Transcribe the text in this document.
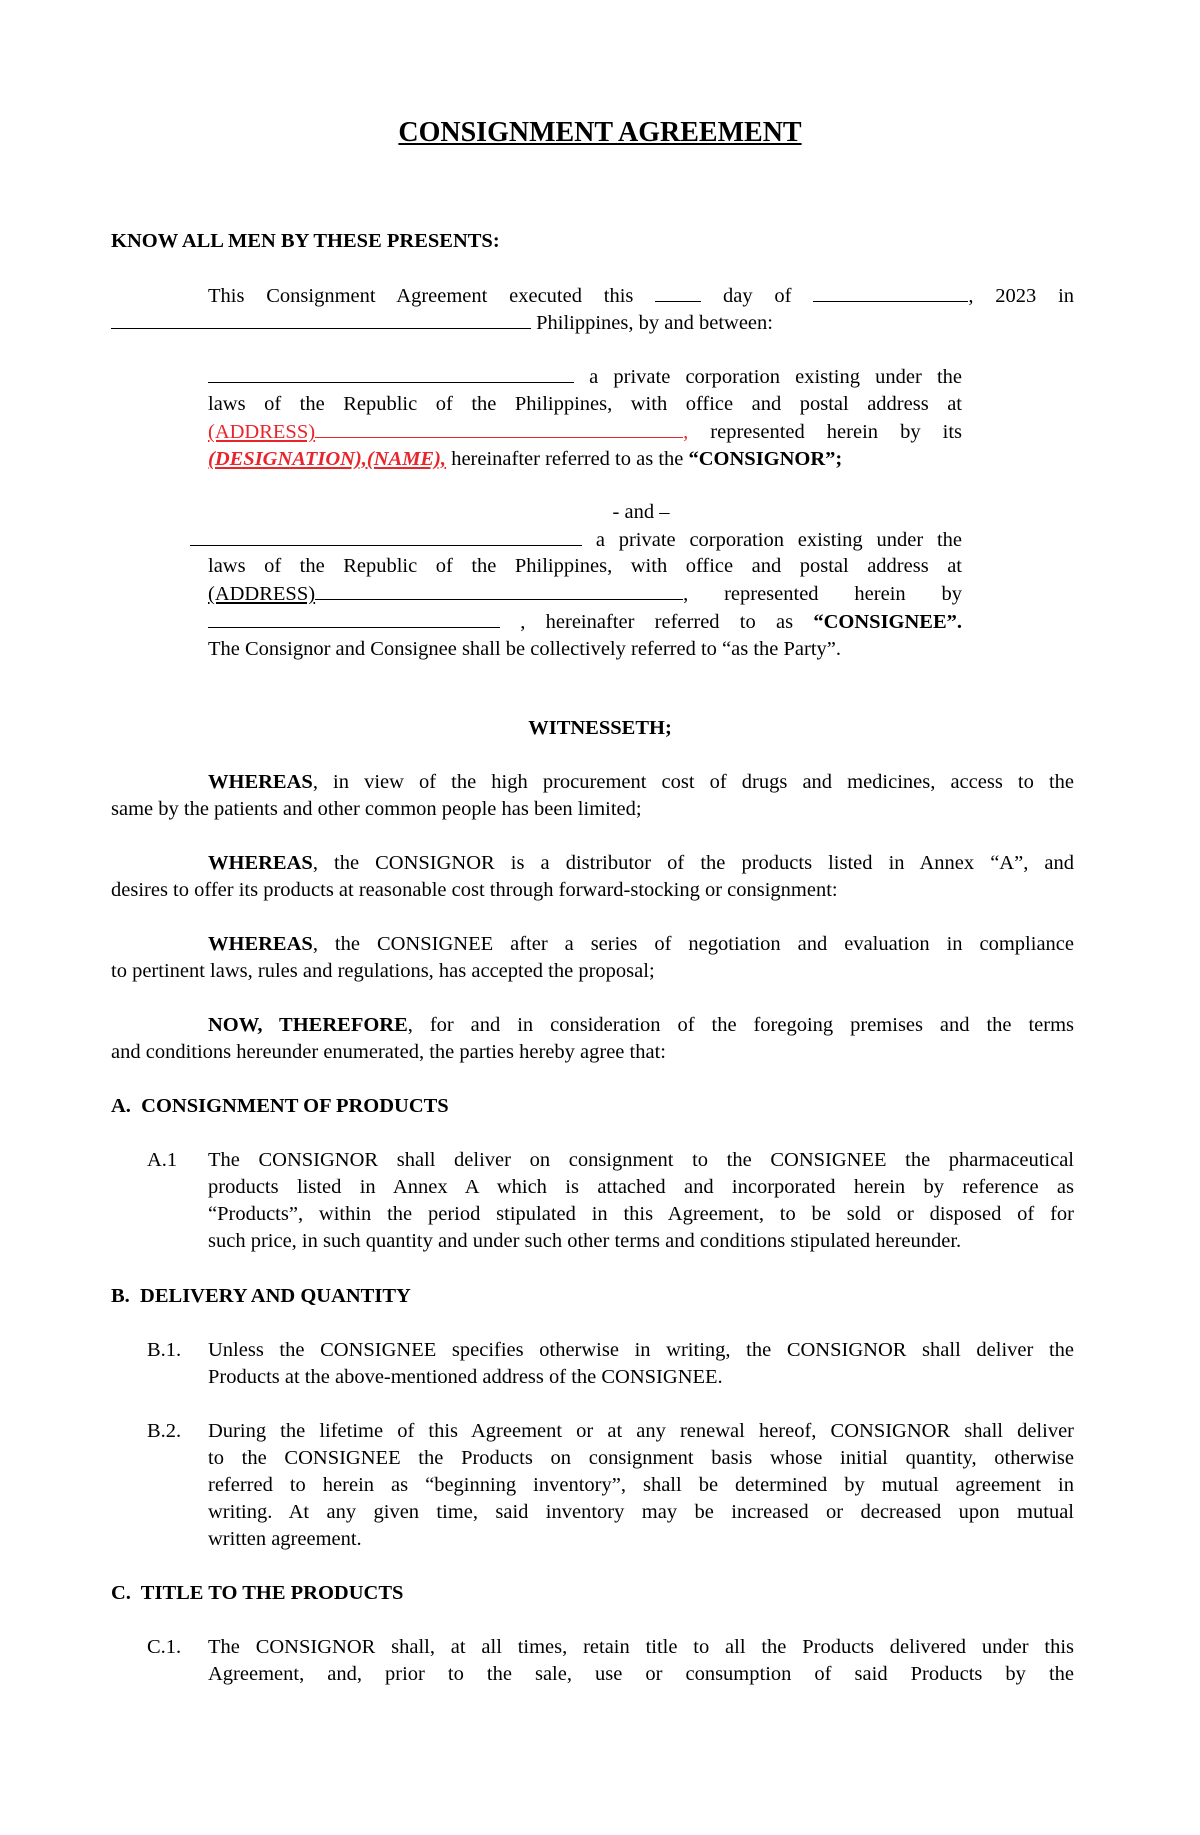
CONSIGNMENT AGREEMENT
KNOW ALL MEN BY THESE PRESENTS:
This Consignment Agreement executed this	day of	, 2023 in
Philippines, by and between:
a private corporation existing under the
laws of the Republic of the Philippines, with office and postal address at
(ADDRESS)	, represented herein by its
(DESIGNATION),(NAME), hereinafter referred to as the “CONSIGNOR”;
- and –
a private corporation existing under the
laws of the Republic of the Philippines, with office and postal address at
(ADDRESS)	, represented herein by
, hereinafter referred to as “CONSIGNEE”.
The Consignor and Consignee shall be collectively referred to “as the Party”.
WITNESSETH;
WHEREAS, in view of the high procurement cost of drugs and medicines, access to the
same by the patients and other common people has been limited;
WHEREAS, the CONSIGNOR is a distributor of the products listed in Annex “A”, and
desires to offer its products at reasonable cost through forward-stocking or consignment:
WHEREAS, the CONSIGNEE after a series of negotiation and evaluation in compliance
to pertinent laws, rules and regulations, has accepted the proposal;
NOW, THEREFORE, for and in consideration of the foregoing premises and the terms
and conditions hereunder enumerated, the parties hereby agree that:
A.  CONSIGNMENT OF PRODUCTS
A.1 The CONSIGNOR shall deliver on consignment to the CONSIGNEE the pharmaceutical
products listed in Annex A which is attached and incorporated herein by reference as
“Products”, within the period stipulated in this Agreement, to be sold or disposed of for
such price, in such quantity and under such other terms and conditions stipulated hereunder.
B.  DELIVERY AND QUANTITY
B.1. Unless the CONSIGNEE specifies otherwise in writing, the CONSIGNOR shall deliver the
Products at the above-mentioned address of the CONSIGNEE.
B.2. During the lifetime of this Agreement or at any renewal hereof, CONSIGNOR shall deliver
to the CONSIGNEE the Products on consignment basis whose initial quantity, otherwise
referred to herein as “beginning inventory”, shall be determined by mutual agreement in
writing. At any given time, said inventory may be increased or decreased upon mutual
written agreement.
C.  TITLE TO THE PRODUCTS
C.1. The CONSIGNOR shall, at all times, retain title to all the Products delivered under this
Agreement, and, prior to the sale, use or consumption of said Products by the
